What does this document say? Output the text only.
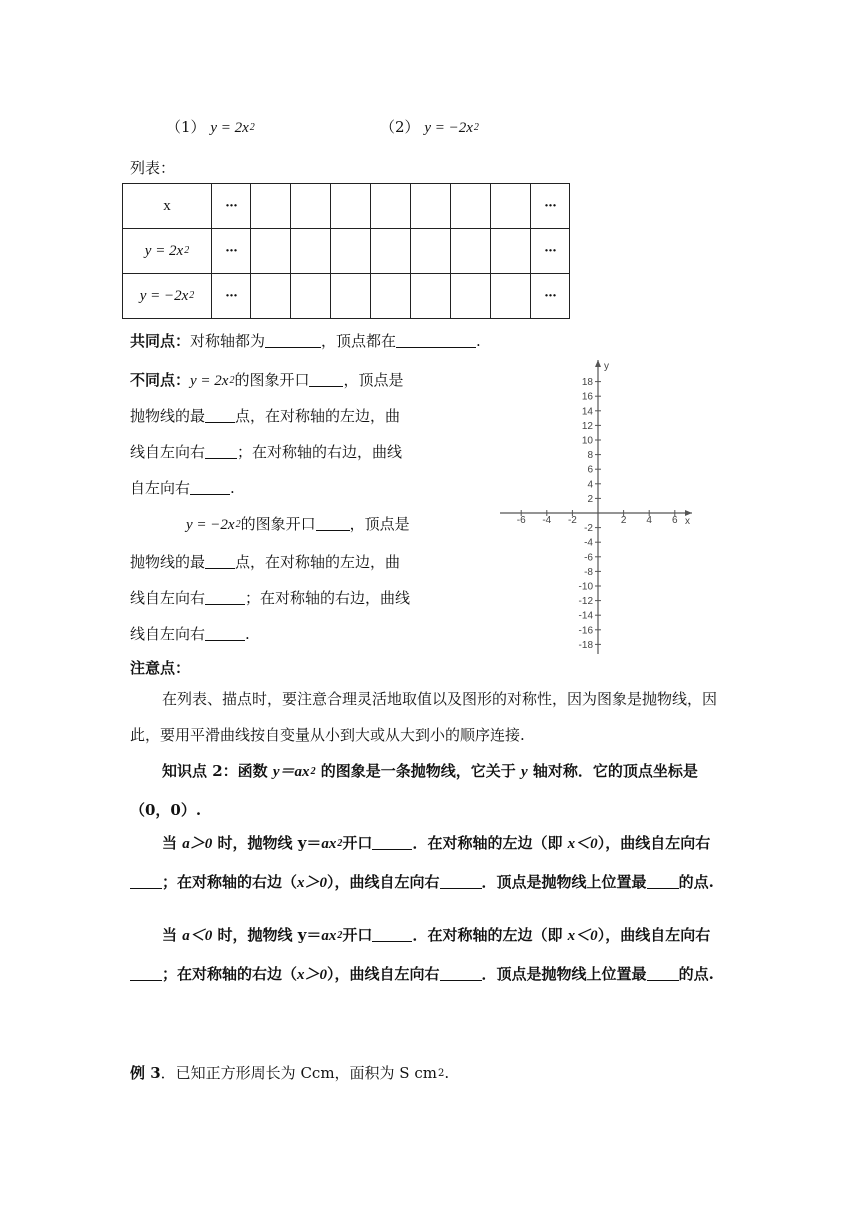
（1） $y = 2x^2$	（2） $y = -2x^2$
列表：
x	···								···
$y = 2x^2$	···								···
$y = -2x^2$	···								···
共同点：对称轴都为	，顶点都在	.
不同点：$y = 2x^2$的图象开口 ，顶点是
抛物线的最 点，在对称轴的左边，曲
线自左向右 ；在对称轴的右边，曲线
自左向右	.
$y = -2x^2$的图象开口 ，顶点是
抛物线的最 点，在对称轴的左边，曲
线自左向右	；在对称轴的右边，曲线
线自左向右	.
x
y
-6 -4 -2	2 4 6
2
4
6
8
10
12
14
16
18
-2
-4
-6
-8
-10
-12
-14
-16
-18
注意点：
在列表、描点时，要注意合理灵活地取值以及图形的对称性，因为图象是抛物线，因此，要用平滑曲线按自变量从小到大或从大到小的顺序连接.
知识点 2：函数 $y=ax^2$ 的图象是一条抛物线，它关于 y 轴对称．它的顶点坐标是（0，0）.
当 a＞0 时，抛物线 $y=ax^2$开口	．在对称轴的左边（即 x＜0），曲线自左向右；在对称轴的右边（x＞0），曲线自左向右	．顶点是抛物线上位置最 的点.
当 a＜0 时，抛物线 $y=ax^2$开口	．在对称轴的左边（即 x＜0），曲线自左向右；在对称轴的右边（x＞0），曲线自左向右	．顶点是抛物线上位置最 的点.
例 3．已知正方形周长为 Ccm，面积为 S $cm^2$.
